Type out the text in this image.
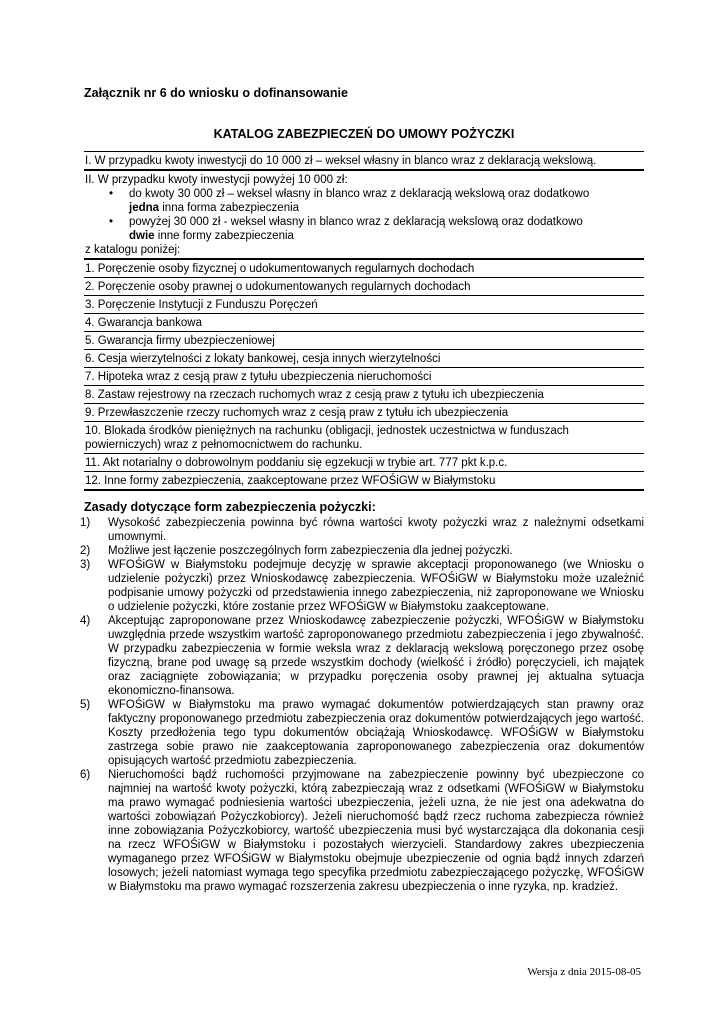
Załącznik nr 6 do wniosku o dofinansowanie
KATALOG ZABEZPIECZEŃ DO UMOWY POŻYCZKI
I. W przypadku kwoty inwestycji do 10 000 zł – weksel własny in blanco wraz z deklaracją wekslową.
II. W przypadku kwoty inwestycji powyżej 10 000 zł:
• do kwoty 30 000 zł – weksel własny in blanco wraz z deklaracją wekslową oraz dodatkowo
jedna inna forma zabezpieczenia
• powyżej 30 000 zł - weksel własny in blanco wraz z deklaracją wekslową oraz dodatkowo
dwie inne formy zabezpieczenia
z katalogu poniżej:
1. Poręczenie osoby fizycznej o udokumentowanych regularnych dochodach
2. Poręczenie osoby prawnej o udokumentowanych regularnych dochodach
3. Poręczenie Instytucji z Funduszu Poręczeń
4. Gwarancja bankowa
5. Gwarancja firmy ubezpieczeniowej
6. Cesja wierzytelności z lokaty bankowej, cesja innych wierzytelności
7. Hipoteka wraz z cesją praw z tytułu ubezpieczenia nieruchomości
8. Zastaw rejestrowy na rzeczach ruchomych wraz z cesją praw z tytułu ich ubezpieczenia
9. Przewłaszczenie rzeczy ruchomych wraz z cesją praw z tytułu ich ubezpieczenia
10. Blokada środków pieniężnych na rachunku (obligacji, jednostek uczestnictwa w funduszach powierniczych) wraz z pełnomocnictwem do rachunku.
11. Akt notarialny o dobrowolnym poddaniu się egzekucji w trybie art. 777 pkt k.p.c.
12. Inne formy zabezpieczenia, zaakceptowane przez WFOŚiGW w Białymstoku
Zasady dotyczące form zabezpieczenia pożyczki:
1) Wysokość zabezpieczenia powinna być równa wartości kwoty pożyczki wraz z należnymi odsetkami umownymi.
2) Możliwe jest łączenie poszczególnych form zabezpieczenia dla jednej pożyczki.
3) WFOŚiGW w Białymstoku podejmuje decyzję w sprawie akceptacji proponowanego (we Wniosku o udzielenie pożyczki) przez Wnioskodawcę zabezpieczenia. WFOŚiGW w Białymstoku może uzależnić podpisanie umowy pożyczki od przedstawienia innego zabezpieczenia, niż zaproponowane we Wniosku o udzielenie pożyczki, które zostanie przez WFOŚiGW w Białymstoku zaakceptowane.
4) Akceptując zaproponowane przez Wnioskodawcę zabezpieczenie pożyczki, WFOŚiGW w Białymstoku uwzględnia przede wszystkim wartość zaproponowanego przedmiotu zabezpieczenia i jego zbywalność. W przypadku zabezpieczenia w formie weksla wraz z deklaracją wekslową poręczonego przez osobę fizyczną, brane pod uwagę są przede wszystkim dochody (wielkość i źródło) poręczycieli, ich majątek oraz zaciągnięte zobowiązania; w przypadku poręczenia osoby prawnej jej aktualna sytuacja ekonomiczno-finansowa.
5) WFOŚiGW w Białymstoku ma prawo wymagać dokumentów potwierdzających stan prawny oraz faktyczny proponowanego przedmiotu zabezpieczenia oraz dokumentów potwierdzających jego wartość. Koszty przedłożenia tego typu dokumentów obciążają Wnioskodawcę. WFOŚiGW w Białymstoku zastrzega sobie prawo nie zaakceptowania zaproponowanego zabezpieczenia oraz dokumentów opisujących wartość przedmiotu zabezpieczenia.
6) Nieruchomości bądź ruchomości przyjmowane na zabezpieczenie powinny być ubezpieczone co najmniej na wartość kwoty pożyczki, którą zabezpieczają wraz z odsetkami (WFOŚiGW w Białymstoku ma prawo wymagać podniesienia wartości ubezpieczenia, jeżeli uzna, że nie jest ona adekwatna do wartości zobowiązań Pożyczkobiorcy). Jeżeli nieruchomość bądź rzecz ruchoma zabezpiecza również inne zobowiązania Pożyczkobiorcy, wartość ubezpieczenia musi być wystarczająca dla dokonania cesji na rzecz WFOŚiGW w Białymstoku i pozostałych wierzycieli. Standardowy zakres ubezpieczenia wymaganego przez WFOŚiGW w Białymstoku obejmuje ubezpieczenie od ognia bądź innych zdarzeń losowych; jeżeli natomiast wymaga tego specyfika przedmiotu zabezpieczającego pożyczkę, WFOŚiGW w Białymstoku ma prawo wymagać rozszerzenia zakresu ubezpieczenia o inne ryzyka, np. kradzież.
Wersja z dnia 2015-08-05
